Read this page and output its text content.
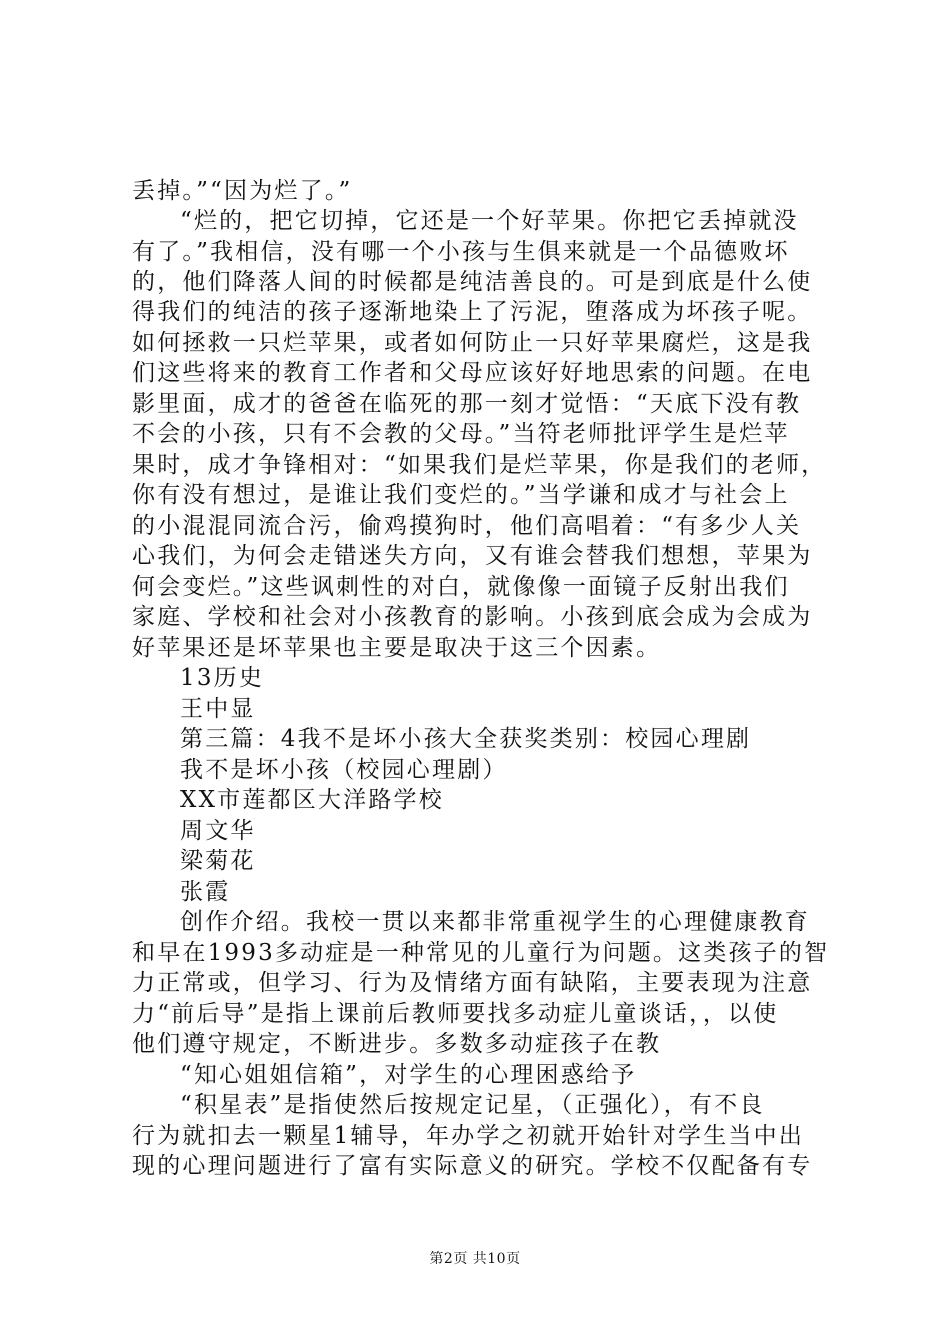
丢掉。”“因为烂了。”
“烂的，把它切掉，它还是一个好苹果。你把它丢掉就没
有了。”我相信，没有哪一个小孩与生俱来就是一个品德败坏
的，他们降落人间的时候都是纯洁善良的。可是到底是什么使
得我们的纯洁的孩子逐渐地染上了污泥，堕落成为坏孩子呢。
如何拯救一只烂苹果，或者如何防止一只好苹果腐烂，这是我
们这些将来的教育工作者和父母应该好好地思索的问题。在电
影里面，成才的爸爸在临死的那一刻才觉悟：“天底下没有教
不会的小孩，只有不会教的父母。”当符老师批评学生是烂苹
果时，成才争锋相对：“如果我们是烂苹果，你是我们的老师，
你有没有想过，是谁让我们变烂的。”当学谦和成才与社会上
的小混混同流合污，偷鸡摸狗时，他们高唱着：“有多少人关
心我们，为何会走错迷失方向，又有谁会替我们想想，苹果为
何会变烂。”这些讽刺性的对白，就像像一面镜子反射出我们
家庭、学校和社会对小孩教育的影响。小孩到底会成为会成为
好苹果还是坏苹果也主要是取决于这三个因素。
13历史
王中显
第三篇：4我不是坏小孩大全获奖类别：校园心理剧
我不是坏小孩（校园心理剧）
XX市莲都区大洋路学校
周文华
梁菊花
张霞
创作介绍。我校一贯以来都非常重视学生的心理健康教育
和早在1993多动症是一种常见的儿童行为问题。这类孩子的智
力正常或，但学习、行为及情绪方面有缺陷，主要表现为注意
力“前后导”是指上课前后教师要找多动症儿童谈话，，以使
他们遵守规定，不断进步。多数多动症孩子在教
“知心姐姐信箱”，对学生的心理困惑给予
“积星表”是指使然后按规定记星，（正强化），有不良
行为就扣去一颗星1辅导，年办学之初就开始针对学生当中出
现的心理问题进行了富有实际意义的研究。学校不仅配备有专
第2页 共10页
